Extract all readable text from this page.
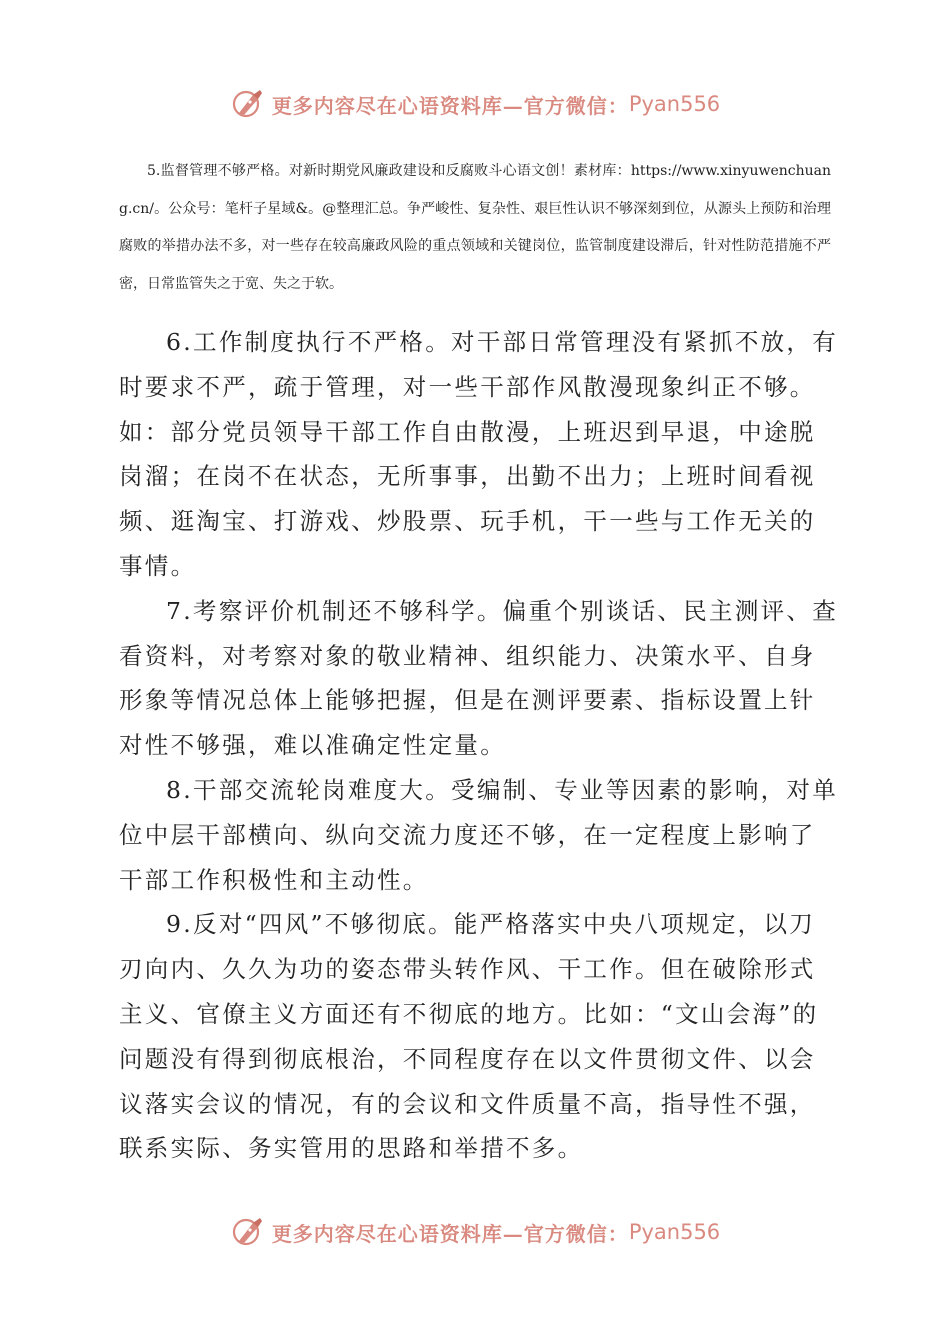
更多内容尽在心语资料库—官方微信： Pyan556
5.监督管理不够严格。对新时期党风廉政建设和反腐败斗心语文创！素材库：https://www.xinyuwenchuang.cn/。公众号：笔杆子星域&。@整理汇总。争严峻性、复杂性、艰巨性认识不够深刻到位，从源头上预防和治理腐败的举措办法不多，对一些存在较高廉政风险的重点领域和关键岗位，监管制度建设滞后，针对性防范措施不严密，日常监管失之于宽、失之于软。

6.工作制度执行不严格。对干部日常管理没有紧抓不放，有时要求不严，疏于管理，对一些干部作风散漫现象纠正不够。如：部分党员领导干部工作自由散漫，上班迟到早退，中途脱岗溜；在岗不在状态，无所事事，出勤不出力；上班时间看视频、逛淘宝、打游戏、炒股票、玩手机，干一些与工作无关的事情。

7.考察评价机制还不够科学。偏重个别谈话、民主测评、查看资料，对考察对象的敬业精神、组织能力、决策水平、自身形象等情况总体上能够把握，但是在测评要素、指标设置上针对性不够强，难以准确定性定量。

8.干部交流轮岗难度大。受编制、专业等因素的影响，对单位中层干部横向、纵向交流力度还不够，在一定程度上影响了干部工作积极性和主动性。

9.反对“四风”不够彻底。能严格落实中央八项规定，以刀刃向内、久久为功的姿态带头转作风、干工作。但在破除形式主义、官僚主义方面还有不彻底的地方。比如：“文山会海”的问题没有得到彻底根治，不同程度存在以文件贯彻文件、以会议落实会议的情况，有的会议和文件质量不高，指导性不强，联系实际、务实管用的思路和举措不多。

更多内容尽在心语资料库—官方微信： Pyan556
